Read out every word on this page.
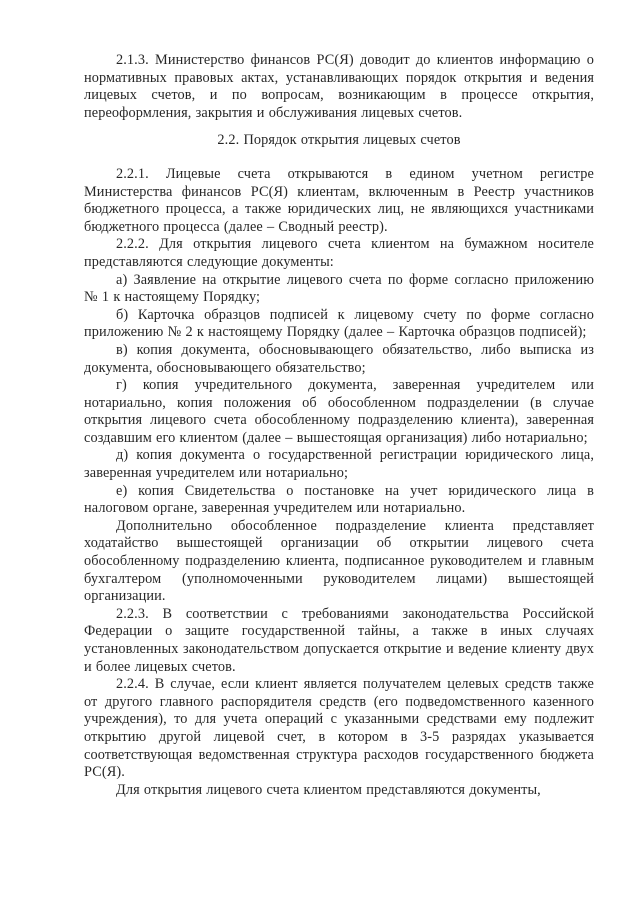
2.1.3. Министерство финансов РС(Я) доводит до клиентов информацию о нормативных правовых актах, устанавливающих порядок открытия и ведения лицевых счетов, и по вопросам, возникающим в процессе открытия, переоформления, закрытия и обслуживания лицевых счетов.

2.2. Порядок открытия лицевых счетов

2.2.1. Лицевые счета открываются в едином учетном регистре Министерства финансов РС(Я) клиентам, включенным в Реестр участников бюджетного процесса, а также юридических лиц, не являющихся участниками бюджетного процесса (далее – Сводный реестр).

2.2.2. Для открытия лицевого счета клиентом на бумажном носителе представляются следующие документы:

а) Заявление на открытие лицевого счета по форме согласно приложению № 1 к настоящему Порядку;

б) Карточка образцов подписей к лицевому счету по форме согласно приложению № 2 к настоящему Порядку (далее – Карточка образцов подписей);

в) копия документа, обосновывающего обязательство, либо выписка из документа, обосновывающего обязательство;

г) копия учредительного документа, заверенная учредителем или нотариально, копия положения об обособленном подразделении (в случае открытия лицевого счета обособленному подразделению клиента), заверенная создавшим его клиентом (далее – вышестоящая организация) либо нотариально;

д) копия документа о государственной регистрации юридического лица, заверенная учредителем или нотариально;

е) копия Свидетельства о постановке на учет юридического лица в налоговом органе, заверенная учредителем или нотариально.

Дополнительно обособленное подразделение клиента представляет ходатайство вышестоящей организации об открытии лицевого счета обособленному подразделению клиента, подписанное руководителем и главным бухгалтером (уполномоченными руководителем лицами) вышестоящей организации.

2.2.3. В соответствии с требованиями законодательства Российской Федерации о защите государственной тайны, а также в иных случаях установленных законодательством допускается открытие и ведение клиенту двух и более лицевых счетов.

2.2.4. В случае, если клиент является получателем целевых средств также от другого главного распорядителя средств (его подведомственного казенного учреждения), то для учета операций с указанными средствами ему подлежит открытию другой лицевой счет, в котором в 3-5 разрядах указывается соответствующая ведомственная структура расходов государственного бюджета РС(Я).

Для открытия лицевого счета клиентом представляются документы,
